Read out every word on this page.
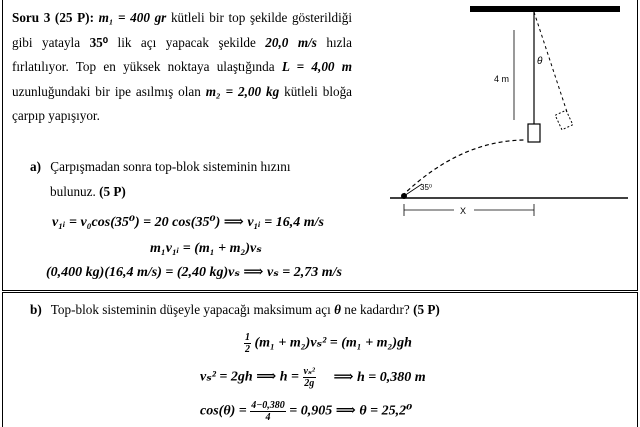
Soru 3 (25 P): m₁ = 400 gr kütleli bir top şekilde gösterildiği gibi yatayla 35⁰ lik açı yapacak şekilde 20,0 m/s hızla fırlatılıyor. Top en yüksek noktaya ulaştığında L = 4,00 m uzunluğundaki bir ipe asılmış olan m₂ = 2,00 kg kütleli bloğa çarpıp yapışıyor.
4 m
θ
35⁰
X
a) Çarpışmadan sonra top-blok sisteminin hızını
bulunuz. (5 P)
v₁ᵢ = v₀cos(35⁰) = 20 cos(35⁰) ⟹ v₁ᵢ = 16,4 m/s
m₁v₁ᵢ = (m₁ + m₂)vₛ
(0,400 kg)(16,4 m/s) = (2,40 kg)vₛ ⟹ vₛ = 2,73 m/s
b) Top-blok sisteminin düşeyle yapacağı maksimum açı θ ne kadardır? (5 P)
$\frac{1}{2} (m_1 + m_2)v_s^2 = (m_1 + m_2)gh$
vₛ² = 2gh ⟹ $h = \frac{\text{vₛ²}}{2g}$ ⟹ h = 0,380 m
$\cos(\theta) = \frac{4-0,380}{4} = 0,905$ ⟹ θ = 25,2⁰
